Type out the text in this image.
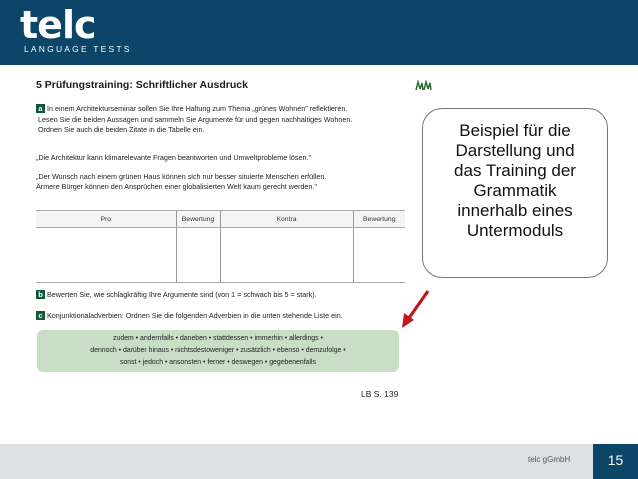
telc
LANGUAGE TESTS
5 Prüfungstraining: Schriftlicher Ausdruck
a In einem Architekturseminar sollen Sie Ihre Haltung zum Thema „grünes Wohnen" reflektieren.
Lesen Sie die beiden Aussagen und sammeln Sie Argumente für und gegen nachhaltiges Wohnen.
Ordnen Sie auch die beiden Zitate in die Tabelle ein.
„Die Architektur kann klimarelevante Fragen beantworten und Umweltprobleme lösen."
„Der Wunsch nach einem grünen Haus können sich nur besser situierte Menschen erfüllen.
Ärmere Bürger können den Ansprüchen einer globalisierten Welt kaum gerecht werden."
Pro	Bewertung	Kontra	Bewertung

b Bewerten Sie, wie schlagkräftig Ihre Argumente sind (von 1 = schwach bis 5 = stark).
c Konjunktionaladverbien: Ordnen Sie die folgenden Adverbien in die unten stehende Liste ein.
zudem • andernfalls • daneben • stattdessen • immerhin • allerdings •
dennoch • darüber hinaus • nichtsdestoweniger • zusätzlich • ebenso • demzufolge •
sonst • jedoch • ansonsten • ferner • deswegen • gegebenenfalls
LB S. 139
Beispiel für die
Darstellung und
das Training der
Grammatik
innerhalb eines
Untermoduls
telc gGmbH	15
